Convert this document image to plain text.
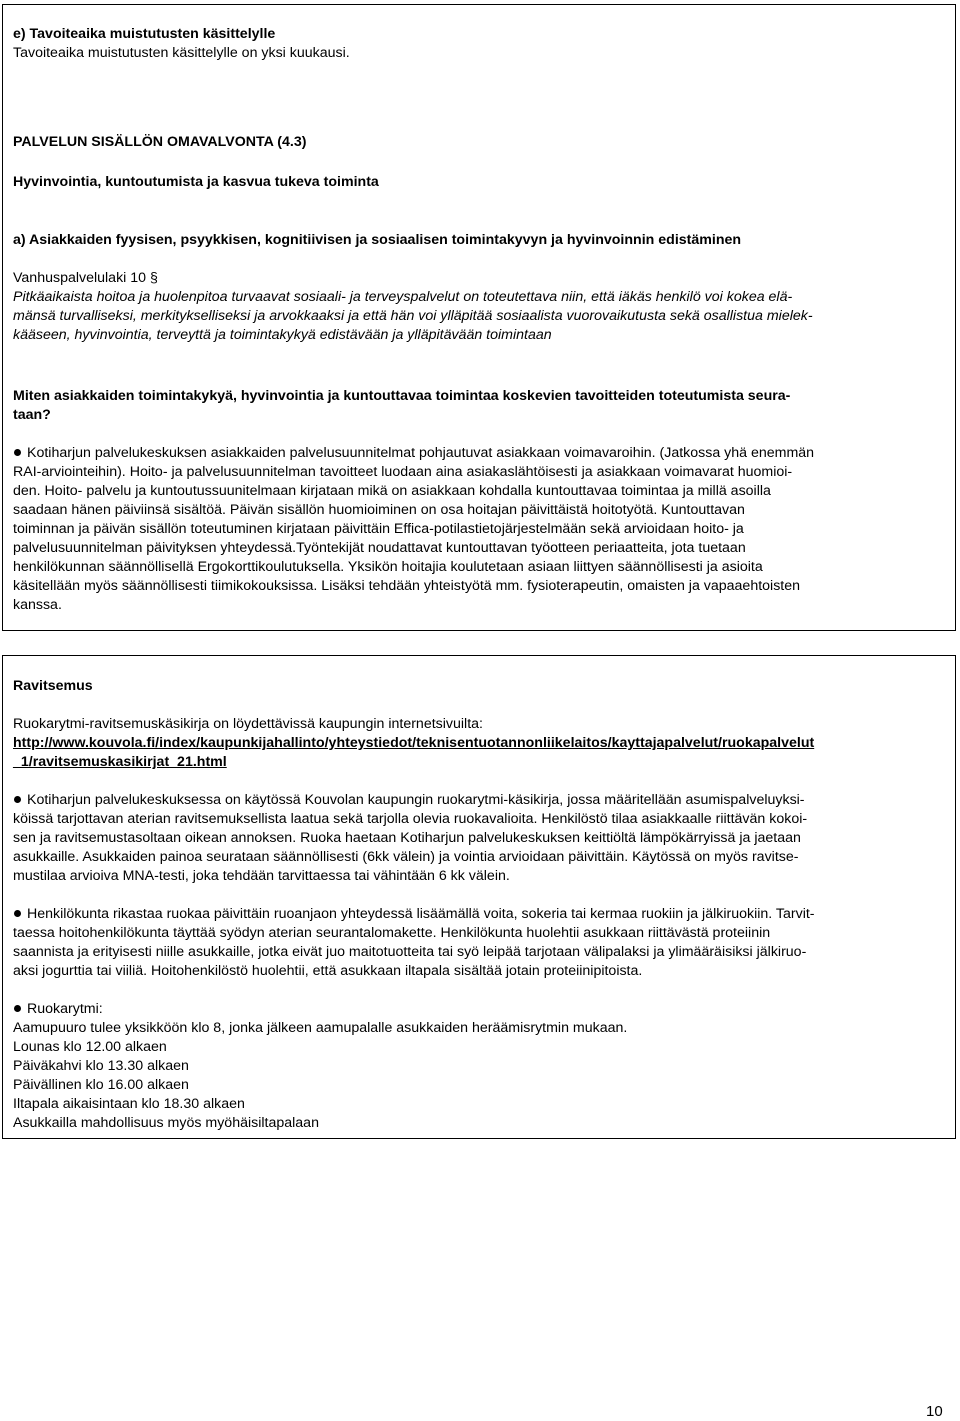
e) Tavoiteaika muistutusten käsittelylle
Tavoiteaika muistutusten käsittelylle on yksi kuukausi.
PALVELUN SISÄLLÖN OMAVALVONTA (4.3)
Hyvinvointia, kuntoutumista ja kasvua tukeva toiminta
a) Asiakkaiden fyysisen, psyykkisen, kognitiivisen ja sosiaalisen toimintakyvyn ja hyvinvoinnin edistäminen
Vanhuspalvelulaki 10 §
Pitkäaikaista hoitoa ja huolenpitoa turvaavat sosiaali- ja terveyspalvelut on toteutettava niin, että iäkäs henkilö voi kokea elä-
mänsä turvalliseksi, merkitykselliseksi ja arvokkaaksi ja että hän voi ylläpitää sosiaalista vuorovaikutusta sekä osallistua mielek-
kääseen, hyvinvointia, terveyttä ja toimintakykyä edistävään ja ylläpitävään toimintaan
Miten asiakkaiden toimintakykyä, hyvinvointia ja kuntouttavaa toimintaa koskevien tavoitteiden toteutumista seura-
taan?
Kotiharjun palvelukeskuksen asiakkaiden palvelusuunnitelmat pohjautuvat asiakkaan voimavaroihin. (Jatkossa yhä enemmän
RAI-arviointeihin). Hoito- ja palvelusuunnitelman tavoitteet luodaan aina asiakaslähtöisesti ja asiakkaan voimavarat huomioi-
den. Hoito- palvelu ja kuntoutussuunitelmaan kirjataan mikä on asiakkaan kohdalla kuntouttavaa toimintaa ja millä asoilla
saadaan hänen päiviinsä sisältöä. Päivän sisällön huomioiminen on osa hoitajan päivittäistä hoitotyötä. Kuntouttavan
toiminnan ja päivän sisällön toteutuminen kirjataan päivittäin Effica-potilastietojärjestelmään sekä arvioidaan hoito- ja
palvelusuunnitelman päivityksen yhteydessä.Työntekijät noudattavat kuntouttavan työotteen periaatteita, jota tuetaan
henkilökunnan säännöllisellä Ergokorttikoulutuksella. Yksikön hoitajia koulutetaan asiaan liittyen säännöllisesti ja asioita
käsitellään myös säännöllisesti tiimikokouksissa. Lisäksi tehdään yhteistyötä mm. fysioterapeutin, omaisten ja vapaaehtoisten
kanssa.
Ravitsemus
Ruokarytmi-ravitsemuskäsikirja on löydettävissä kaupungin internetsivuilta:
http://www.kouvola.fi/index/kaupunkijahallinto/yhteystiedot/teknisentuotannonliikelaitos/kayttajapalvelut/ruokapalvelut
_1/ravitsemuskasikirjat_21.html
Kotiharjun palvelukeskuksessa on käytössä Kouvolan kaupungin ruokarytmi-käsikirja, jossa määritellään asumispalveluyksi-
köissä tarjottavan aterian ravitsemuksellista laatua sekä tarjolla olevia ruokavalioita. Henkilöstö tilaa asiakkaalle riittävän kokoi-
sen ja ravitsemustasoltaan oikean annoksen. Ruoka haetaan Kotiharjun palvelukeskuksen keittiöltä lämpökärryissä ja jaetaan
asukkaille. Asukkaiden painoa seurataan säännöllisesti (6kk välein) ja vointia arvioidaan päivittäin. Käytössä on myös ravitse-
mustilaa arvioiva MNA-testi, joka tehdään tarvittaessa tai vähintään 6 kk välein.
Henkilökunta rikastaa ruokaa päivittäin ruoanjaon yhteydessä lisäämällä voita, sokeria tai kermaa ruokiin ja jälkiruokiin. Tarvit-
taessa hoitohenkilökunta täyttää syödyn aterian seurantalomakette. Henkilökunta huolehtii asukkaan riittävästä proteiinin
saannista ja erityisesti niille asukkaille, jotka eivät juo maitotuotteita tai syö leipää tarjotaan välipalaksi ja ylimääräisiksi jälkiruo-
aksi jogurttia tai viiliä. Hoitohenkilöstö huolehtii, että asukkaan iltapala sisältää jotain proteiinipitoista.
Ruokarytmi:
Aamupuuro tulee yksikköön klo 8, jonka jälkeen aamupalalle asukkaiden heräämisrytmin mukaan.
Lounas klo 12.00 alkaen
Päiväkahvi klo 13.30 alkaen
Päivällinen klo 16.00 alkaen
Iltapala aikaisintaan klo 18.30 alkaen
Asukkailla mahdollisuus myös myöhäisiltapalaan
10
